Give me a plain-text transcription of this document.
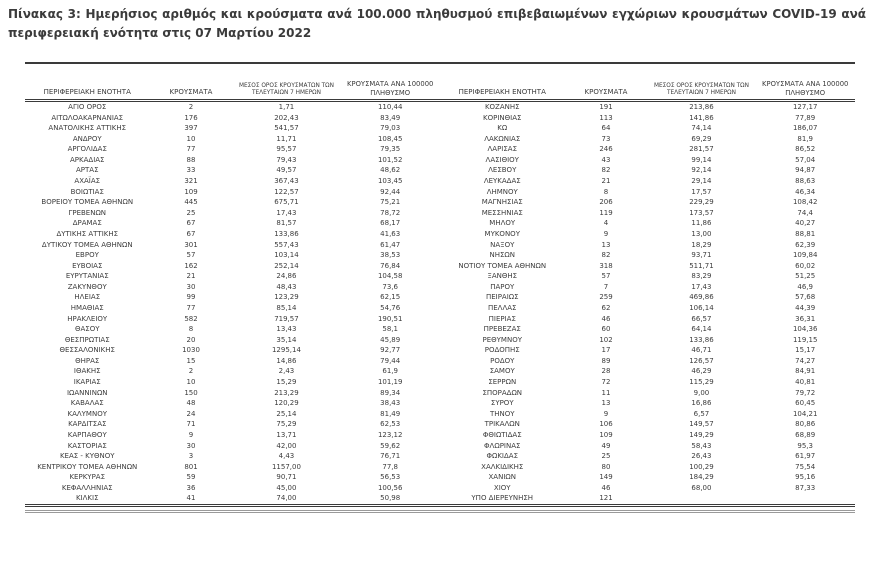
Πίνακας 3: Ημερήσιος αριθμός και κρούσματα ανά 100.000 πληθυσμού επιβεβαιωμένων εγχώριων κρουσμάτων COVID-19 ανά περιφερειακή ενότητα στις 07 Μαρτίου 2022
ΠΕΡΙΦΕΡΕΙΑΚΗ ΕΝΟΤΗΤΑ	ΚΡΟΥΣΜΑΤΑ	ΜΕΣΟΣ ΟΡΟΣ ΚΡΟΥΣΜΑΤΩΝ ΤΩΝ ΤΕΛΕΥΤΑΙΩΝ 7 ΗΜΕΡΩΝ	ΚΡΟΥΣΜΑΤΑ ΑΝΑ 100000 ΠΛΗΘΥΣΜΟ
ΑΓΙΟ ΟΡΟΣ	2	1,71	110,44
ΑΙΤΩΛΟΑΚΑΡΝΑΝΙΑΣ	176	202,43	83,49
ΑΝΑΤΟΛΙΚΗΣ ΑΤΤΙΚΗΣ	397	541,57	79,03
ΑΝΔΡΟΥ	10	11,71	108,45
ΑΡΓΟΛΙΔΑΣ	77	95,57	79,35
ΑΡΚΑΔΙΑΣ	88	79,43	101,52
ΑΡΤΑΣ	33	49,57	48,62
ΑΧΑΪΑΣ	321	367,43	103,45
ΒΟΙΩΤΙΑΣ	109	122,57	92,44
ΒΟΡΕΙΟΥ ΤΟΜΕΑ ΑΘΗΝΩΝ	445	675,71	75,21
ΓΡΕΒΕΝΩΝ	25	17,43	78,72
ΔΡΑΜΑΣ	67	81,57	68,17
ΔΥΤΙΚΗΣ ΑΤΤΙΚΗΣ	67	133,86	41,63
ΔΥΤΙΚΟΥ ΤΟΜΕΑ ΑΘΗΝΩΝ	301	557,43	61,47
ΕΒΡΟΥ	57	103,14	38,53
ΕΥΒΟΙΑΣ	162	252,14	76,84
ΕΥΡΥΤΑΝΙΑΣ	21	24,86	104,58
ΖΑΚΥΝΘΟΥ	30	48,43	73,6
ΗΛΕΙΑΣ	99	123,29	62,15
ΗΜΑΘΙΑΣ	77	85,14	54,76
ΗΡΑΚΛΕΙΟΥ	582	719,57	190,51
ΘΑΣΟΥ	8	13,43	58,1
ΘΕΣΠΡΩΤΙΑΣ	20	35,14	45,89
ΘΕΣΣΑΛΟΝΙΚΗΣ	1030	1295,14	92,77
ΘΗΡΑΣ	15	14,86	79,44
ΙΘΑΚΗΣ	2	2,43	61,9
ΙΚΑΡΙΑΣ	10	15,29	101,19
ΙΩΑΝΝΙΝΩΝ	150	213,29	89,34
ΚΑΒΑΛΑΣ	48	120,29	38,43
ΚΑΛΥΜΝΟΥ	24	25,14	81,49
ΚΑΡΔΙΤΣΑΣ	71	75,29	62,53
ΚΑΡΠΑΘΟΥ	9	13,71	123,12
ΚΑΣΤΟΡΙΑΣ	30	42,00	59,62
ΚΕΑΣ - ΚΥΘΝΟΥ	3	4,43	76,71
ΚΕΝΤΡΙΚΟΥ ΤΟΜΕΑ ΑΘΗΝΩΝ	801	1157,00	77,8
ΚΕΡΚΥΡΑΣ	59	90,71	56,53
ΚΕΦΑΛΛΗΝΙΑΣ	36	45,00	100,56
ΚΙΛΚΙΣ	41	74,00	50,98
ΠΕΡΙΦΕΡΕΙΑΚΗ ΕΝΟΤΗΤΑ	ΚΡΟΥΣΜΑΤΑ	ΜΕΣΟΣ ΟΡΟΣ ΚΡΟΥΣΜΑΤΩΝ ΤΩΝ ΤΕΛΕΥΤΑΙΩΝ 7 ΗΜΕΡΩΝ	ΚΡΟΥΣΜΑΤΑ ΑΝΑ 100000 ΠΛΗΘΥΣΜΟ
ΚΟΖΑΝΗΣ	191	213,86	127,17
ΚΟΡΙΝΘΙΑΣ	113	141,86	77,89
ΚΩ	64	74,14	186,07
ΛΑΚΩΝΙΑΣ	73	69,29	81,9
ΛΑΡΙΣΑΣ	246	281,57	86,52
ΛΑΣΙΘΙΟΥ	43	99,14	57,04
ΛΕΣΒΟΥ	82	92,14	94,87
ΛΕΥΚΑΔΑΣ	21	29,14	88,63
ΛΗΜΝΟΥ	8	17,57	46,34
ΜΑΓΝΗΣΙΑΣ	206	229,29	108,42
ΜΕΣΣΗΝΙΑΣ	119	173,57	74,4
ΜΗΛΟΥ	4	11,86	40,27
ΜΥΚΟΝΟΥ	9	13,00	88,81
ΝΑΞΟΥ	13	18,29	62,39
ΝΗΣΩΝ	82	93,71	109,84
ΝΟΤΙΟΥ ΤΟΜΕΑ ΑΘΗΝΩΝ	318	511,71	60,02
ΞΑΝΘΗΣ	57	83,29	51,25
ΠΑΡΟΥ	7	17,43	46,9
ΠΕΙΡΑΙΩΣ	259	469,86	57,68
ΠΕΛΛΑΣ	62	106,14	44,39
ΠΙΕΡΙΑΣ	46	66,57	36,31
ΠΡΕΒΕΖΑΣ	60	64,14	104,36
ΡΕΘΥΜΝΟΥ	102	133,86	119,15
ΡΟΔΟΠΗΣ	17	46,71	15,17
ΡΟΔΟΥ	89	126,57	74,27
ΣΑΜΟΥ	28	46,29	84,91
ΣΕΡΡΩΝ	72	115,29	40,81
ΣΠΟΡΑΔΩΝ	11	9,00	79,72
ΣΥΡΟΥ	13	16,86	60,45
ΤΗΝΟΥ	9	6,57	104,21
ΤΡΙΚΑΛΩΝ	106	149,57	80,86
ΦΘΙΩΤΙΔΑΣ	109	149,29	68,89
ΦΛΩΡΙΝΑΣ	49	58,43	95,3
ΦΩΚΙΔΑΣ	25	26,43	61,97
ΧΑΛΚΙΔΙΚΗΣ	80	100,29	75,54
ΧΑΝΙΩΝ	149	184,29	95,16
ΧΙΟΥ	46	68,00	87,33
ΥΠΟ ΔΙΕΡΕΥΝΗΣΗ	121		
